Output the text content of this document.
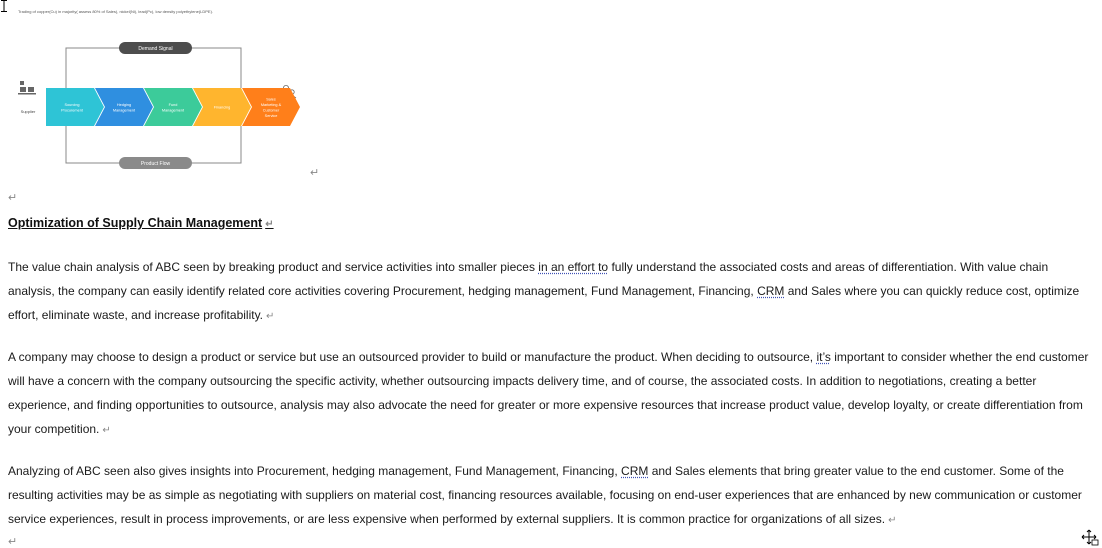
Trading of copper(Cu) in majority( assess 80% of Sales), nickel(Ni), lead(Pc), low density polyethylene(LDPE).
Demand Signal
Product Flow
Supplier
Sourcing
Procurement
Hedging
Management
Fund
Management
Financing
Sales
Marketing &
Customer
Service
↵
↵
Optimization of Supply Chain Management ↵
The value chain analysis of ABC seen by breaking product and service activities into smaller pieces in an effort to fully understand the associated costs and areas of differentiation. With value chain analysis, the company can easily identify related core activities covering Procurement, hedging management, Fund Management, Financing, CRM and Sales where you can quickly reduce cost, optimize effort, eliminate waste, and increase profitability. ↵
A company may choose to design a product or service but use an outsourced provider to build or manufacture the product. When deciding to outsource, it’s important to consider whether the end customer will have a concern with the company outsourcing the specific activity, whether outsourcing impacts delivery time, and of course, the associated costs. In addition to negotiations, creating a better experience, and finding opportunities to outsource, analysis may also advocate the need for greater or more expensive resources that increase product value, develop loyalty, or create differentiation from your competition. ↵
Analyzing of ABC seen also gives insights into Procurement, hedging management, Fund Management, Financing, CRM and Sales elements that bring greater value to the end customer. Some of the resulting activities may be as simple as negotiating with suppliers on material cost, financing resources available, focusing on end-user experiences that are enhanced by new communication or customer service experiences, result in process improvements, or are less expensive when performed by external suppliers. It is common practice for organizations of all sizes. ↵
↵
